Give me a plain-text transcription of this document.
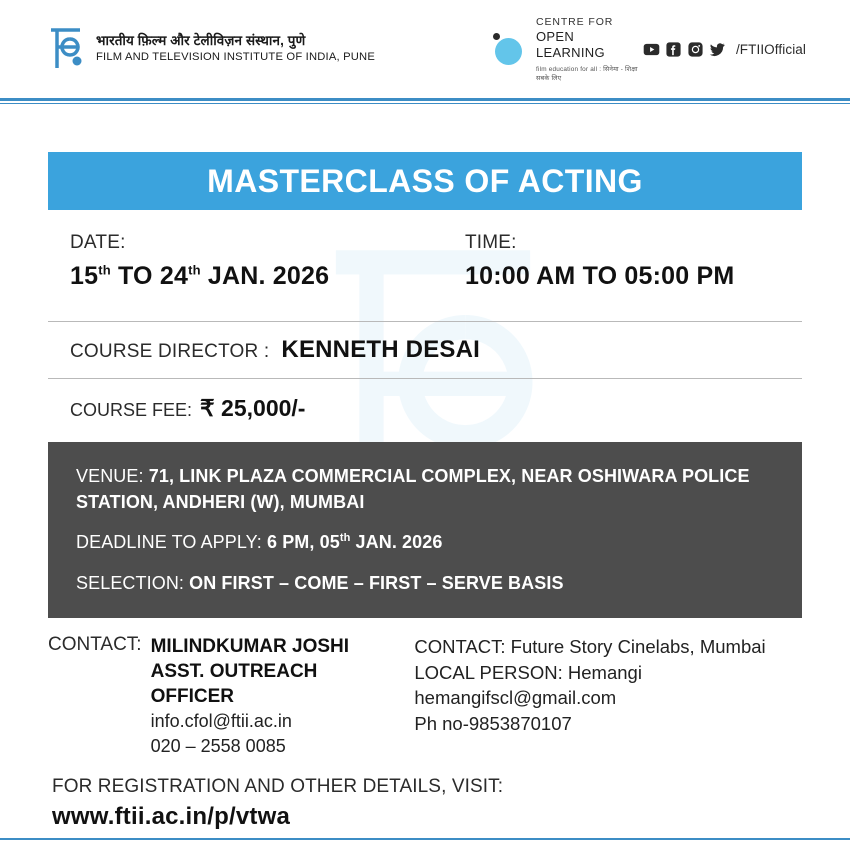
भारतीय फ़िल्म और टेलीविज़न संस्थान, पुणे
FILM AND TELEVISION INSTITUTE OF INDIA, PUNE
CENTRE FOR
OPEN LEARNING
film education for all : सिनेमा - शिक्षा सबके लिए
/FTIIOfficial
MASTERCLASS OF ACTING
DATE:
15th TO 24th JAN. 2026
TIME:
10:00 AM TO 05:00 PM
COURSE DIRECTOR : KENNETH DESAI
COURSE FEE: ₹ 25,000/-
VENUE: 71, LINK PLAZA COMMERCIAL COMPLEX, NEAR OSHIWARA POLICE STATION, ANDHERI (W), MUMBAI
DEADLINE TO APPLY: 6 PM, 05th JAN. 2026
SELECTION: ON FIRST – COME – FIRST – SERVE BASIS
CONTACT: MILINDKUMAR JOSHI
ASST. OUTREACH OFFICER
info.cfol@ftii.ac.in
020 – 2558 0085
CONTACT: Future Story Cinelabs, Mumbai
LOCAL PERSON: Hemangi
hemangifscl@gmail.com
Ph no-9853870107
FOR REGISTRATION AND OTHER DETAILS, VISIT:
www.ftii.ac.in/p/vtwa
